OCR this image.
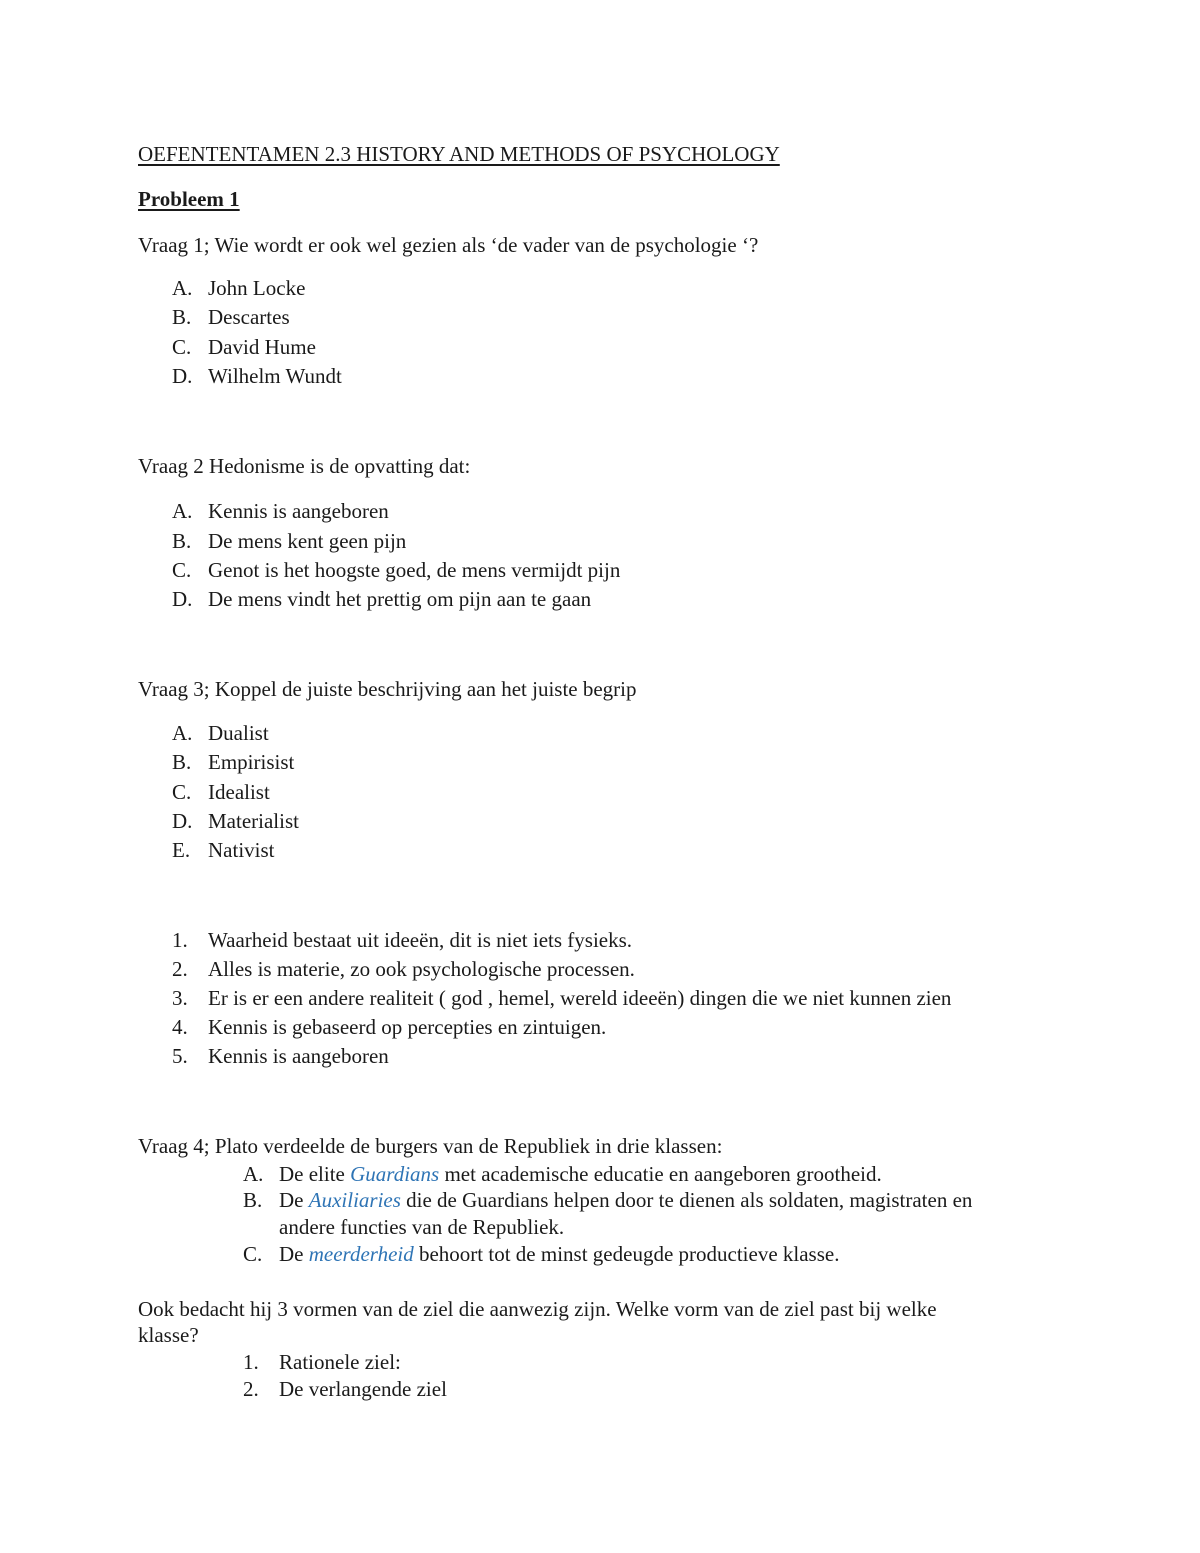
OEFENTENTAMEN 2.3 HISTORY AND METHODS OF PSYCHOLOGY
Probleem 1
Vraag 1; Wie wordt er ook wel gezien als ‘de vader van de psychologie ‘?
A. John Locke
B. Descartes
C. David Hume
D. Wilhelm Wundt
Vraag 2 Hedonisme is de opvatting dat:
A. Kennis is aangeboren
B. De mens kent geen pijn
C. Genot is het hoogste goed, de mens vermijdt pijn
D. De mens vindt het prettig om pijn aan te gaan
Vraag 3; Koppel de juiste beschrijving aan het juiste begrip
A. Dualist
B. Empirisist
C. Idealist
D. Materialist
E. Nativist
1. Waarheid bestaat uit ideeën, dit is niet iets fysieks.
2. Alles is materie, zo ook psychologische processen.
3. Er is er een andere realiteit ( god , hemel, wereld ideeën) dingen die we niet kunnen zien
4. Kennis is gebaseerd op percepties en zintuigen.
5. Kennis is aangeboren
Vraag 4; Plato verdeelde de burgers van de Republiek in drie klassen:
A. De elite Guardians met academische educatie en aangeboren grootheid.
B. De Auxiliaries die de Guardians helpen door te dienen als soldaten, magistraten en
andere functies van de Republiek.
C. De meerderheid behoort tot de minst gedeugde productieve klasse.
Ook bedacht hij 3 vormen van de ziel die aanwezig zijn. Welke vorm van de ziel past bij welke
klasse?
1. Rationele ziel:
2. De verlangende ziel
